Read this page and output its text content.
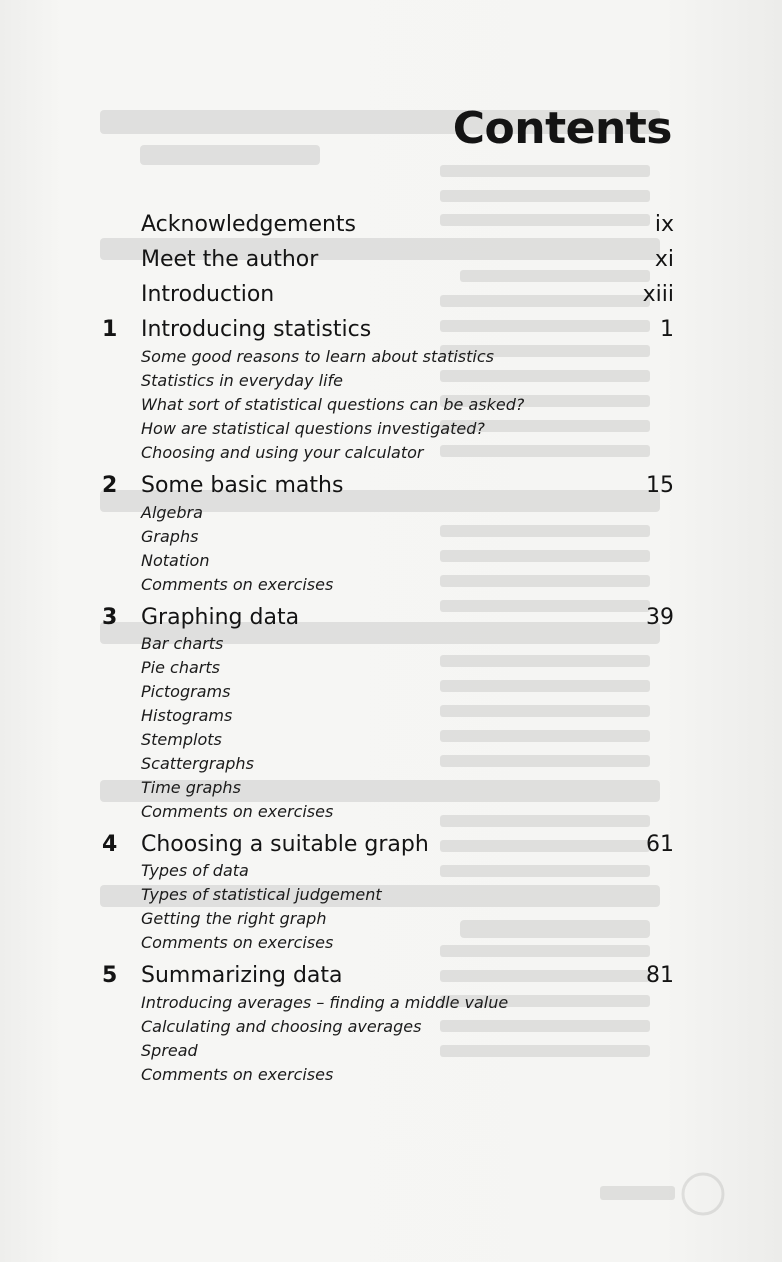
Contents
Acknowledgements	ix
Meet the author	xi
Introduction	xiii
1 Introducing statistics	1
Some good reasons to learn about statistics
Statistics in everyday life
What sort of statistical questions can be asked?
How are statistical questions investigated?
Choosing and using your calculator
2 Some basic maths	15
Algebra
Graphs
Notation
Comments on exercises
3 Graphing data	39
Bar charts
Pie charts
Pictograms
Histograms
Stemplots
Scattergraphs
Time graphs
Comments on exercises
4 Choosing a suitable graph	61
Types of data
Types of statistical judgement
Getting the right graph
Comments on exercises
5 Summarizing data	81
Introducing averages – finding a middle value
Calculating and choosing averages
Spread
Comments on exercises
